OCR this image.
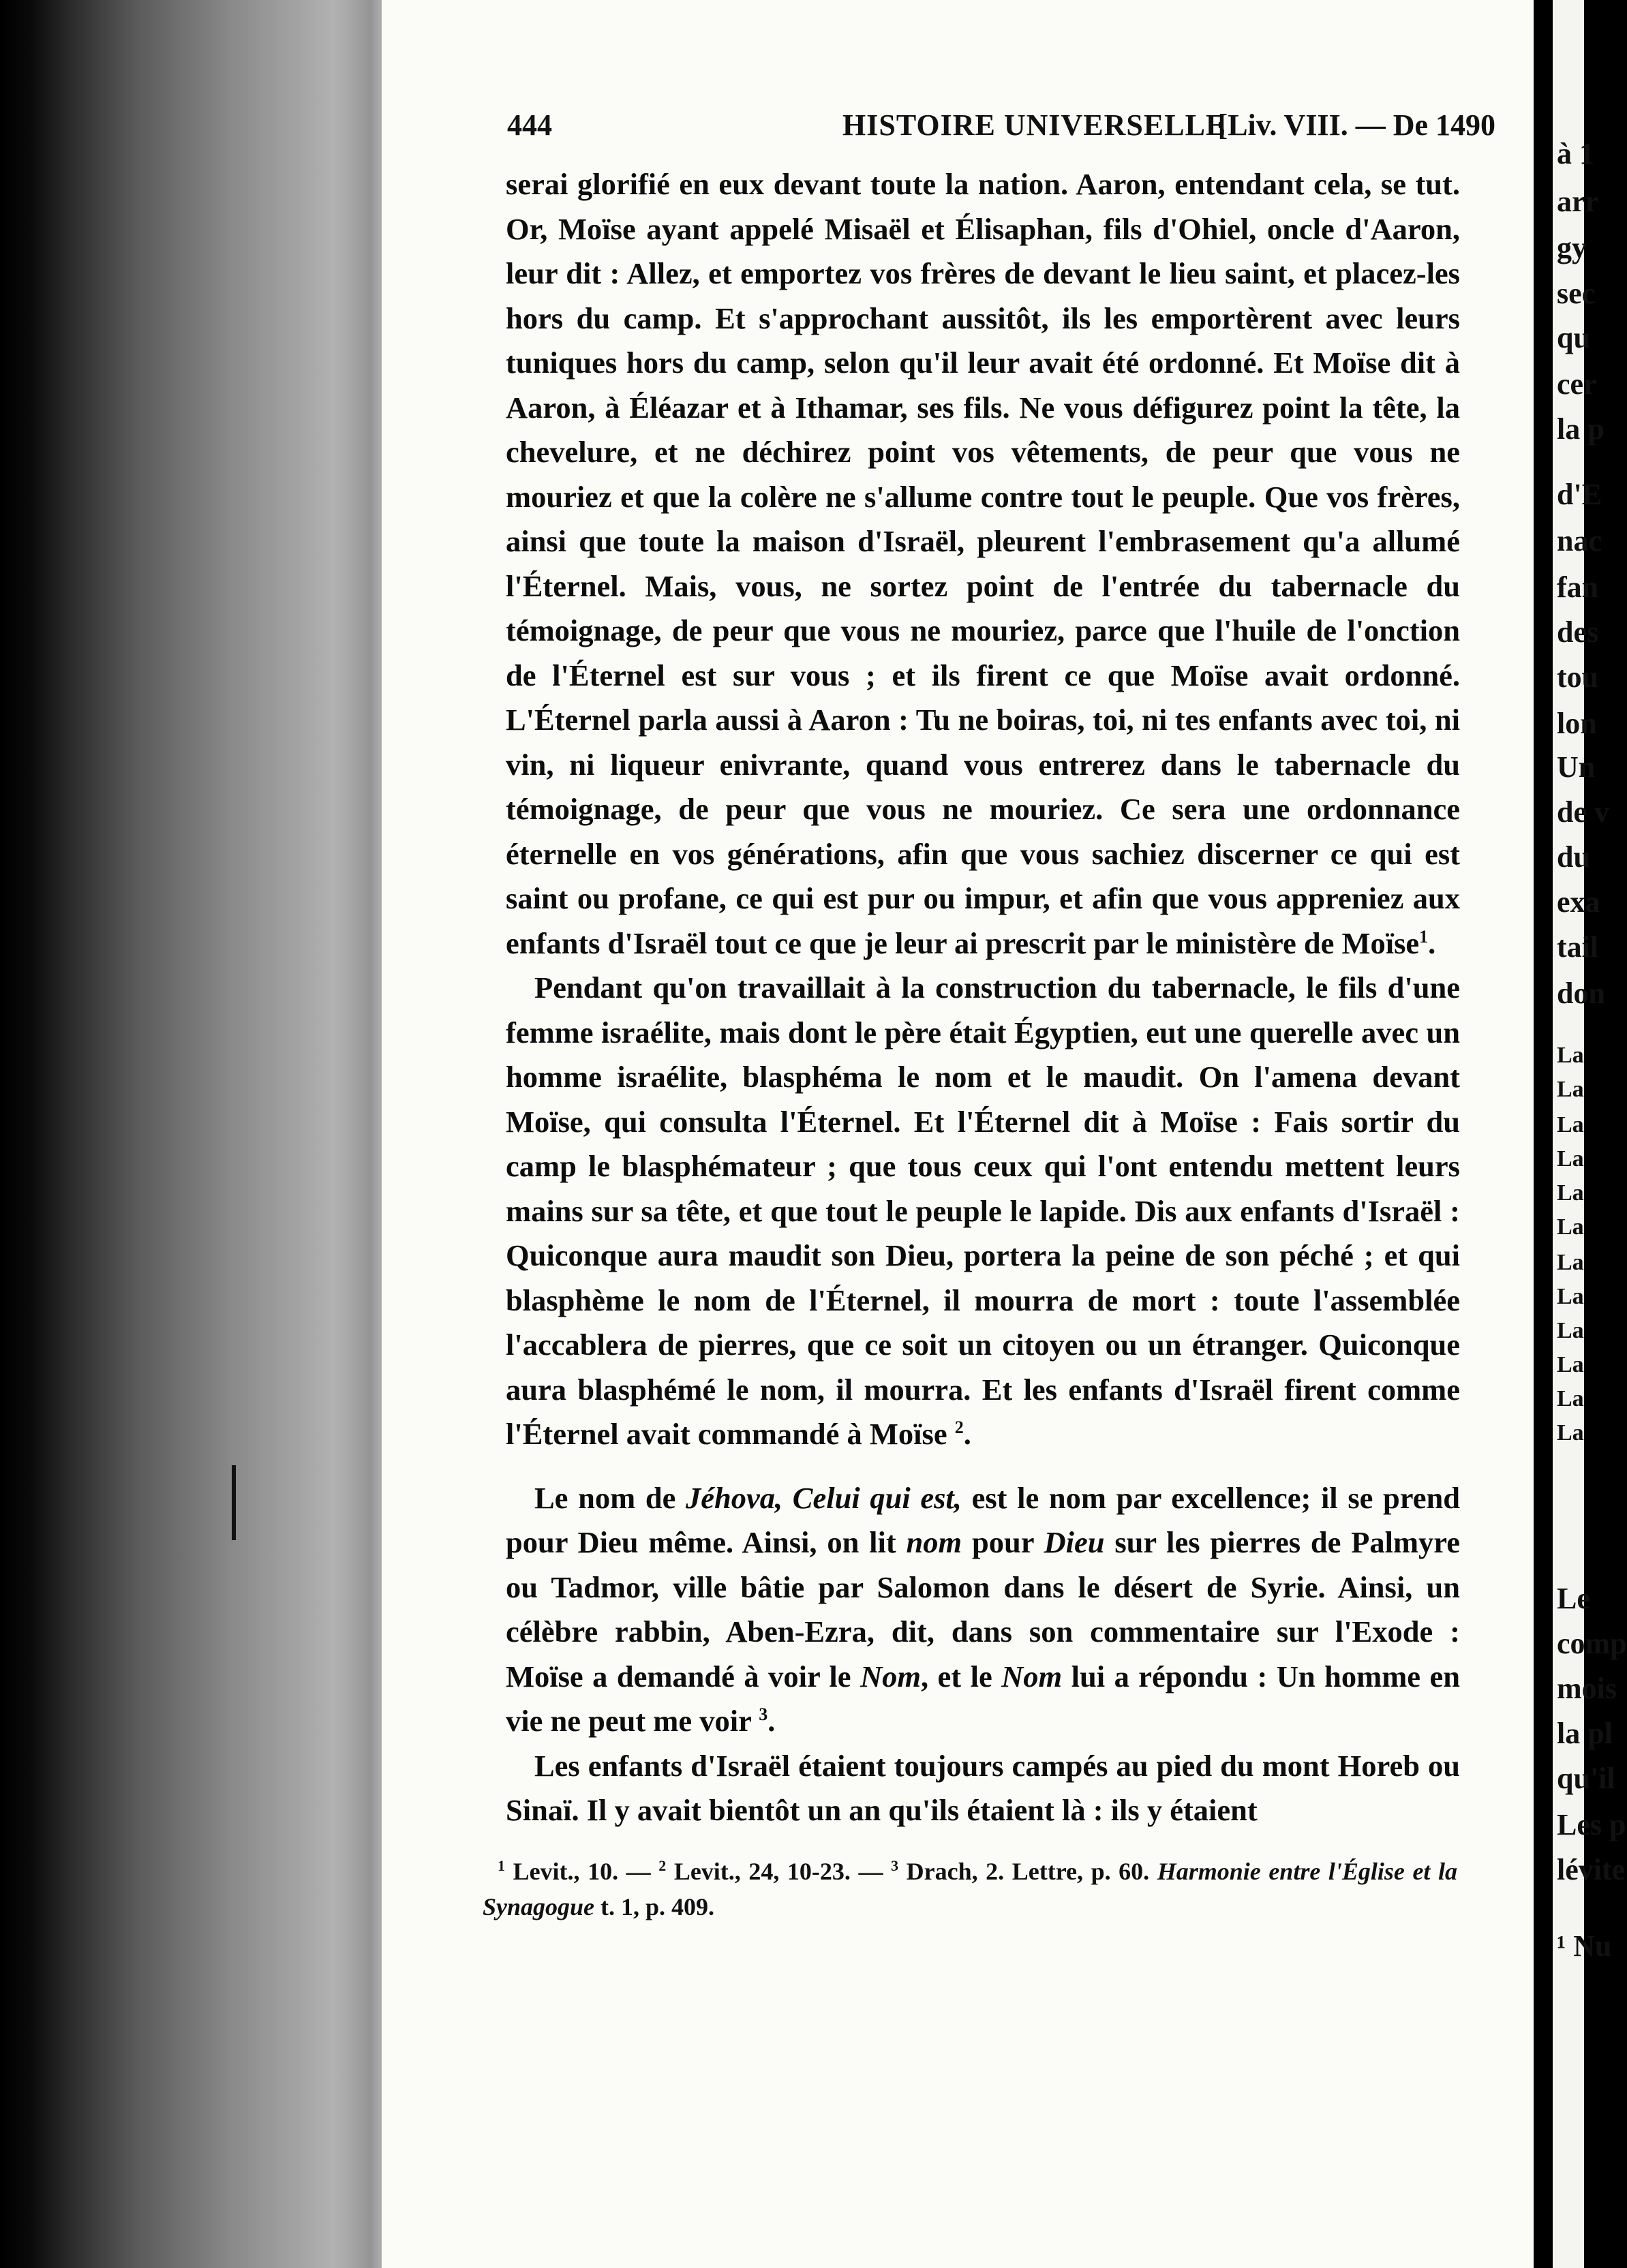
444	HISTOIRE UNIVERSELLE
[Liv. VIII. — De 1490

serai glorifié en eux devant toute la nation. Aaron, entendant cela, se tut. Or, Moïse ayant appelé Misaël et Élisaphan, fils d'Ohiel, oncle d'Aaron, leur dit : Allez, et emportez vos frères de devant le lieu saint, et placez-les hors du camp. Et s'approchant aussitôt, ils les emportèrent avec leurs tuniques hors du camp, selon qu'il leur avait été ordonné. Et Moïse dit à Aaron, à Éléazar et à Ithamar, ses fils. Ne vous défigurez point la tête, la chevelure, et ne déchirez point vos vêtements, de peur que vous ne mouriez et que la colère ne s'allume contre tout le peuple. Que vos frères, ainsi que toute la maison d'Israël, pleurent l'embrasement qu'a allumé l'Éternel. Mais, vous, ne sortez point de l'entrée du tabernacle du témoignage, de peur que vous ne mouriez, parce que l'huile de l'onction de l'Éternel est sur vous ; et ils firent ce que Moïse avait ordonné. L'Éternel parla aussi à Aaron : Tu ne boiras, toi, ni tes enfants avec toi, ni vin, ni liqueur enivrante, quand vous entrerez dans le tabernacle du témoignage, de peur que vous ne mouriez. Ce sera une ordonnance éternelle en vos générations, afin que vous sachiez discerner ce qui est saint ou profane, ce qui est pur ou impur, et afin que vous appreniez aux enfants d'Israël tout ce que je leur ai prescrit par le ministère de Moïse$^1$.

Pendant qu'on travaillait à la construction du tabernacle, le fils d'une femme israélite, mais dont le père était Égyptien, eut une querelle avec un homme israélite, blasphéma le nom et le maudit. On l'amena devant Moïse, qui consulta l'Éternel. Et l'Éternel dit à Moïse : Fais sortir du camp le blasphémateur ; que tous ceux qui l'ont entendu mettent leurs mains sur sa tête, et que tout le peuple le lapide. Dis aux enfants d'Israël : Quiconque aura maudit son Dieu, portera la peine de son péché ; et qui blasphème le nom de l'Éternel, il mourra de mort : toute l'assemblée l'accablera de pierres, que ce soit un citoyen ou un étranger. Quiconque aura blasphémé le nom, il mourra. Et les enfants d'Israël firent comme l'Éternel avait commandé à Moïse $^2$.

Le nom de Jéhova, Celui qui est, est le nom par excellence; il se prend pour Dieu même. Ainsi, on lit nom pour Dieu sur les pierres de Palmyre ou Tadmor, ville bâtie par Salomon dans le désert de Syrie. Ainsi, un célèbre rabbin, Aben-Ezra, dit, dans son commentaire sur l'Exode : Moïse a demandé à voir le Nom, et le Nom lui a répondu : Un homme en vie ne peut me voir $^3$.

Les enfants d'Israël étaient toujours campés au pied du mont Horeb ou Sinaï. Il y avait bientôt un an qu'ils étaient là : ils y étaient

$^1$ Levit., 10. — $^2$ Levit., 24, 10-23. — $^3$ Drach, 2. Lettre, p. 60. Harmonie entre l'Église et la Synagogue t. 1, p. 409.

à 1
arr
gy
sec
qu
cer
la p
d'E
nac
fan
des
tou
lon
Un
de v
du
exa
tail
don
La
La
La
La
La
La
La
La
La
La
La
La
Le
comp
mois
la pl
qu'il
Les p
lévite
¹ Nu
